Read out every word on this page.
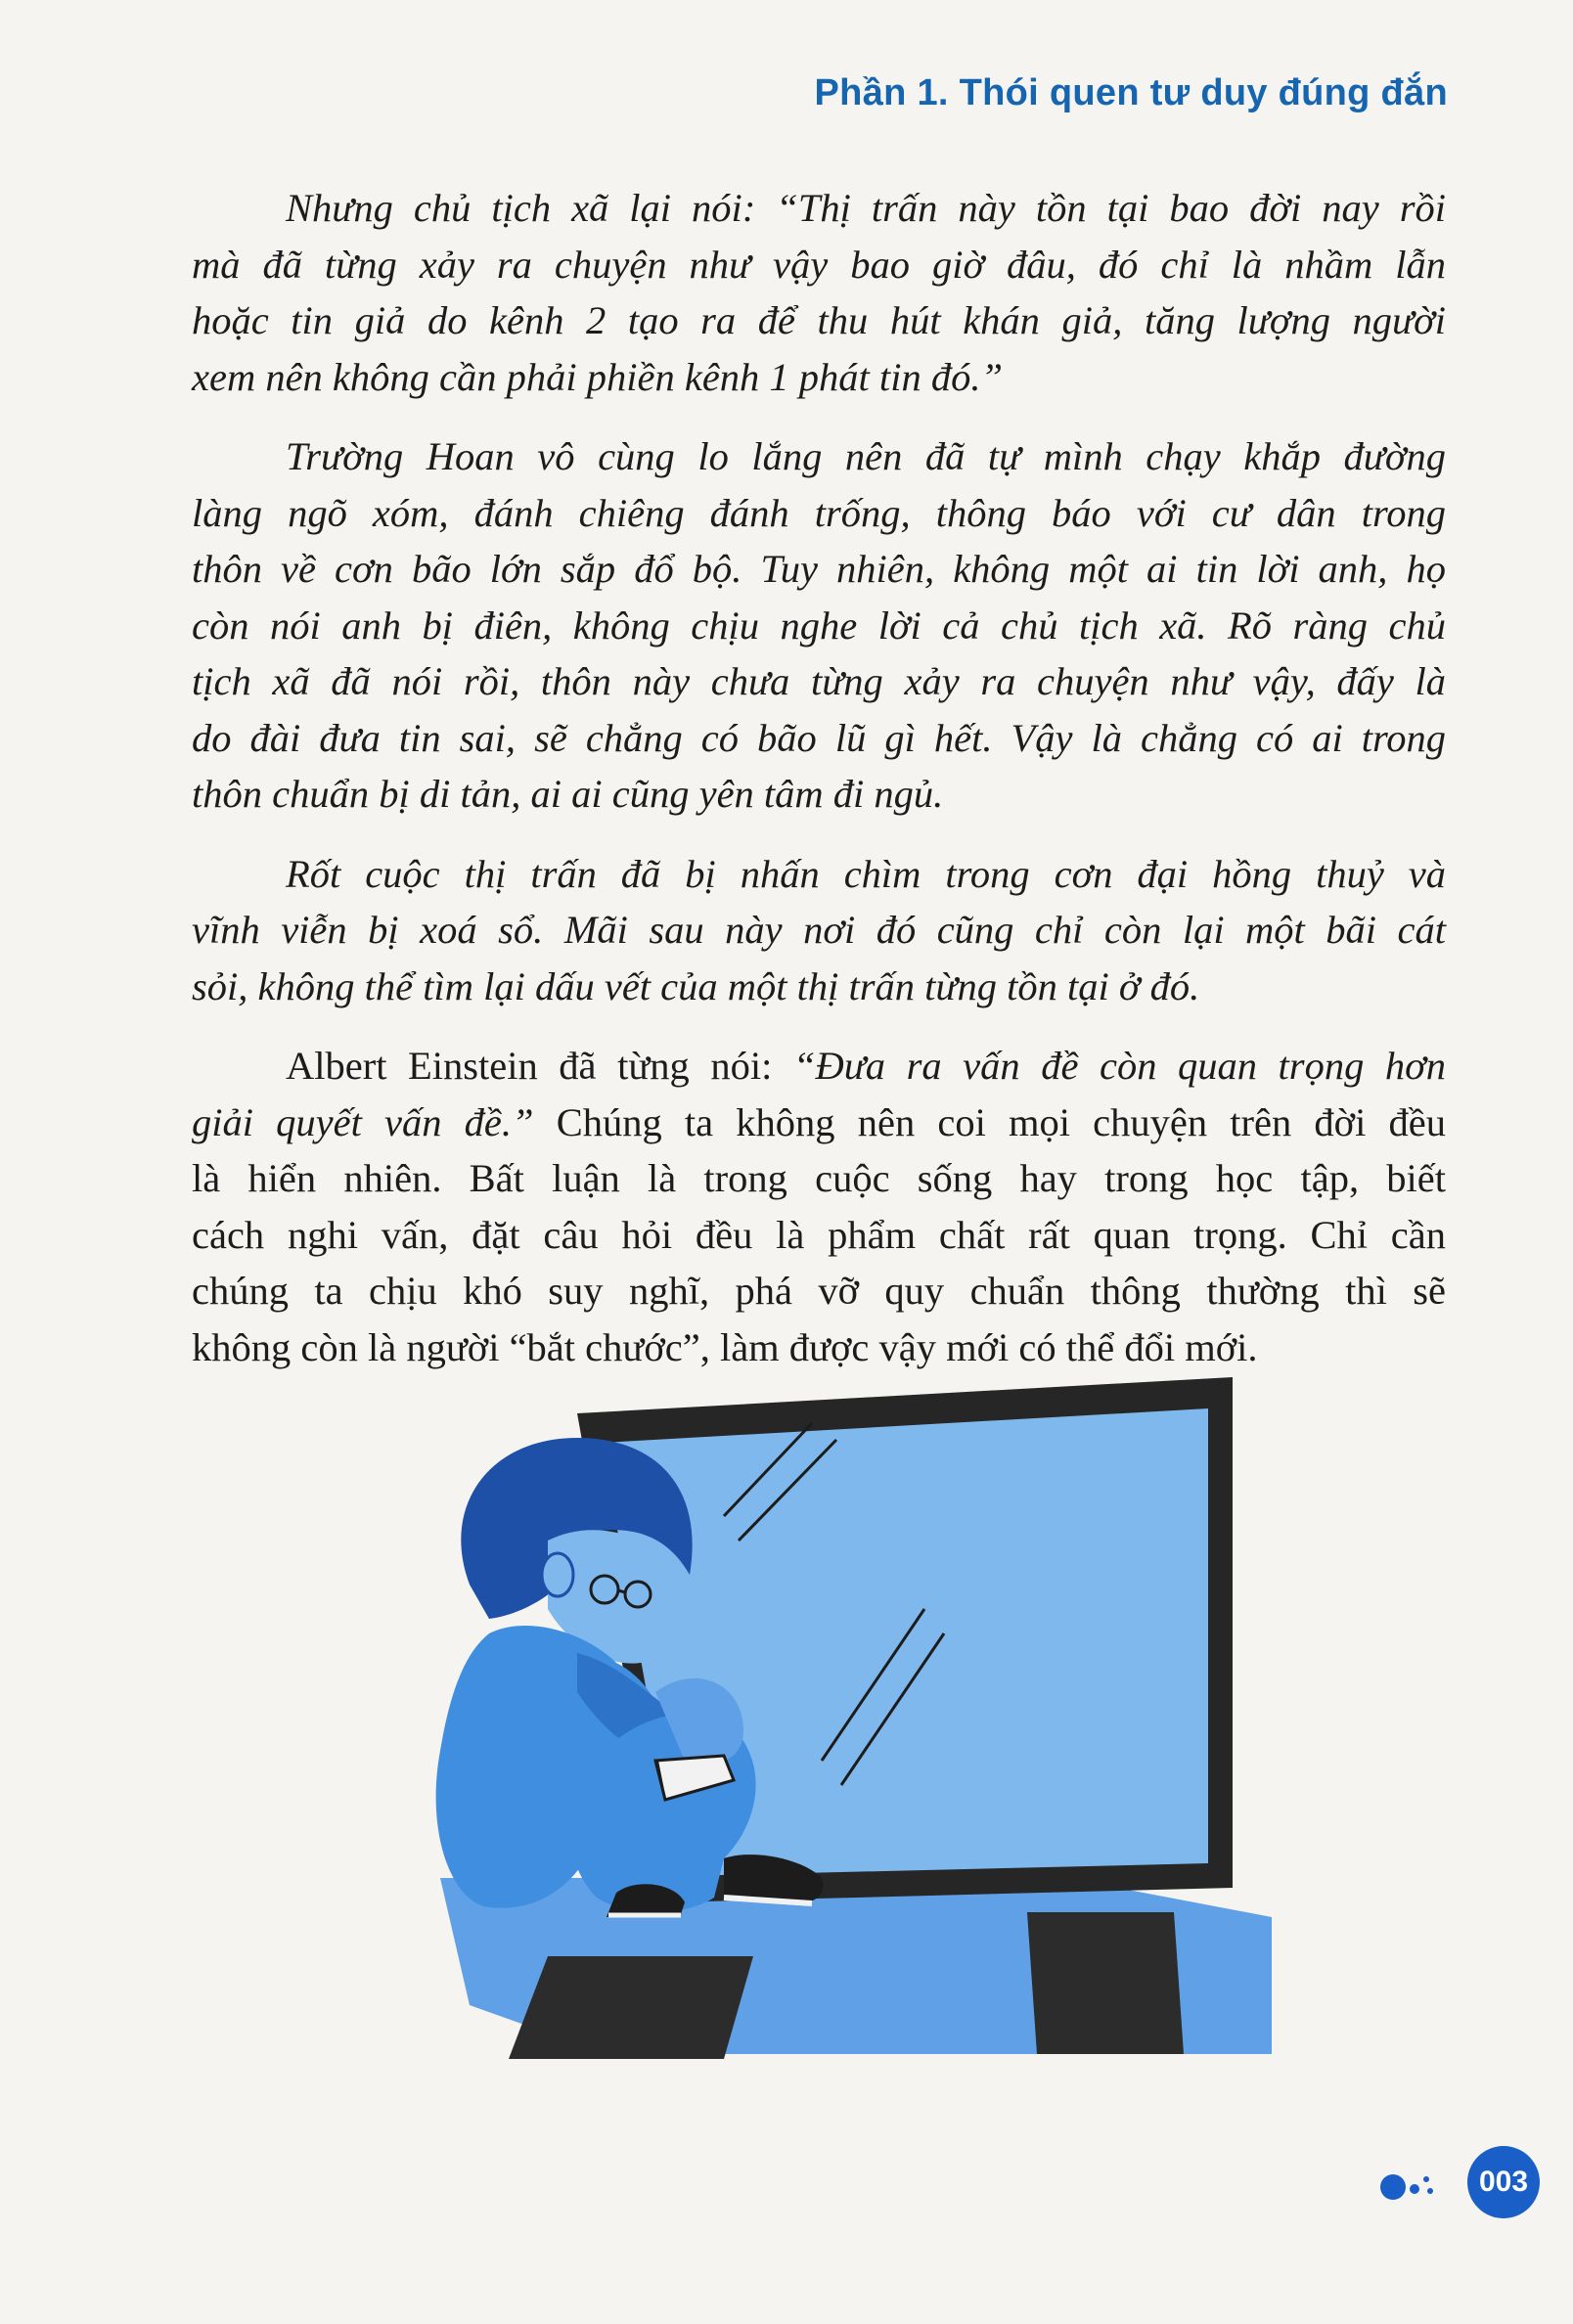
Phần 1. Thói quen tư duy đúng đắn

Nhưng chủ tịch xã lại nói: “Thị trấn này tồn tại bao đời nay rồi
mà đã từng xảy ra chuyện như vậy bao giờ đâu, đó chỉ là nhầm lẫn
hoặc tin giả do kênh 2 tạo ra để thu hút khán giả, tăng lượng người
xem nên không cần phải phiền kênh 1 phát tin đó.”

Trường Hoan vô cùng lo lắng nên đã tự mình chạy khắp đường
làng ngõ xóm, đánh chiêng đánh trống, thông báo với cư dân trong
thôn về cơn bão lớn sắp đổ bộ. Tuy nhiên, không một ai tin lời anh, họ
còn nói anh bị điên, không chịu nghe lời cả chủ tịch xã. Rõ ràng chủ
tịch xã đã nói rồi, thôn này chưa từng xảy ra chuyện như vậy, đấy là
do đài đưa tin sai, sẽ chẳng có bão lũ gì hết. Vậy là chẳng có ai trong
thôn chuẩn bị di tản, ai ai cũng yên tâm đi ngủ.

Rốt cuộc thị trấn đã bị nhấn chìm trong cơn đại hồng thuỷ và
vĩnh viễn bị xoá sổ. Mãi sau này nơi đó cũng chỉ còn lại một bãi cát
sỏi, không thể tìm lại dấu vết của một thị trấn từng tồn tại ở đó.

Albert Einstein đã từng nói: “Đưa ra vấn đề còn quan trọng hơn
giải quyết vấn đề.” Chúng ta không nên coi mọi chuyện trên đời đều
là hiển nhiên. Bất luận là trong cuộc sống hay trong học tập, biết
cách nghi vấn, đặt câu hỏi đều là phẩm chất rất quan trọng. Chỉ cần
chúng ta chịu khó suy nghĩ, phá vỡ quy chuẩn thông thường thì sẽ
không còn là người “bắt chước”, làm được vậy mới có thể đổi mới.

003
